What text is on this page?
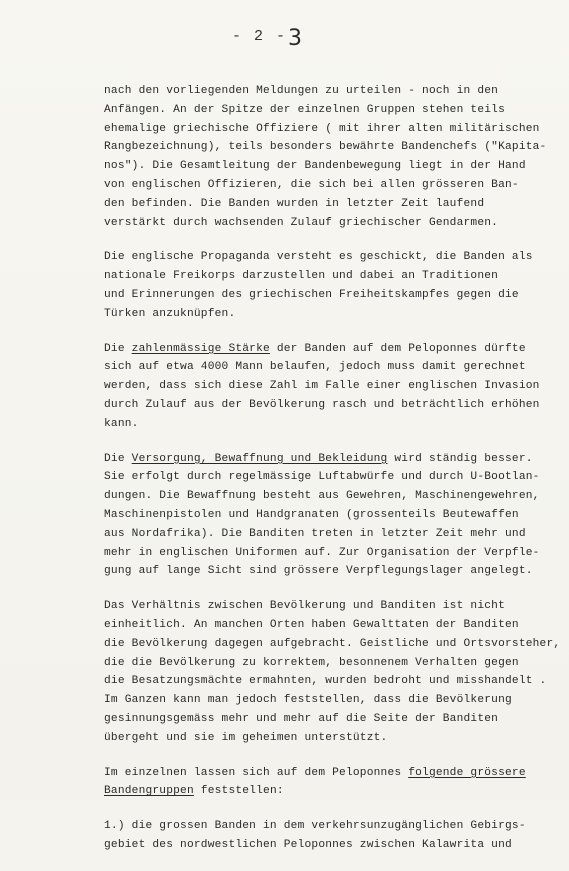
- 2 - 3
nach den vorliegenden Meldungen zu urteilen - noch in den
Anfängen. An der Spitze der einzelnen Gruppen stehen teils
ehemalige griechische Offiziere ( mit ihrer alten militärischen
Rangbezeichnung), teils besonders bewährte Bandenchefs ("Kapita-
nos"). Die Gesamtleitung der Bandenbewegung liegt in der Hand
von englischen Offizieren, die sich bei allen grösseren Ban-
den befinden. Die Banden wurden in letzter Zeit laufend
verstärkt durch wachsenden Zulauf griechischer Gendarmen.
Die englische Propaganda versteht es geschickt, die Banden als
nationale Freikorps darzustellen und dabei an Traditionen
und Erinnerungen des griechischen Freiheitskampfes gegen die
Türken anzuknüpfen.
Die zahlenmässige Stärke der Banden auf dem Peloponnes dürfte
sich auf etwa 4000 Mann belaufen, jedoch muss damit gerechnet
werden, dass sich diese Zahl im Falle einer englischen Invasion
durch Zulauf aus der Bevölkerung rasch und beträchtlich erhöhen
kann.
Die Versorgung, Bewaffnung und Bekleidung wird ständig besser.
Sie erfolgt durch regelmässige Luftabwürfe und durch U-Bootlan-
dungen. Die Bewaffnung besteht aus Gewehren, Maschinengewehren,
Maschinenpistolen und Handgranaten (grossenteils Beutewaffen
aus Nordafrika). Die Banditen treten in letzter Zeit mehr und
mehr in englischen Uniformen auf. Zur Organisation der Verpfle-
gung auf lange Sicht sind grössere Verpflegungslager angelegt.
Das Verhältnis zwischen Bevölkerung und Banditen ist nicht
einheitlich. An manchen Orten haben Gewalttaten der Banditen
die Bevölkerung dagegen aufgebracht. Geistliche und Ortsvorsteher,
die die Bevölkerung zu korrektem, besonnenem Verhalten gegen
die Besatzungsmächte ermahnten, wurden bedroht und misshandelt .
Im Ganzen kann man jedoch feststellen, dass die Bevölkerung
gesinnungsgemäss mehr und mehr auf die Seite der Banditen
übergeht und sie im geheimen unterstützt.
Im einzelnen lassen sich auf dem Peloponnes folgende grössere
Bandengruppen feststellen:
1.) die grossen Banden in dem verkehrsunzugänglichen Gebirgs-
gebiet des nordwestlichen Peloponnes zwischen Kalawrita und
